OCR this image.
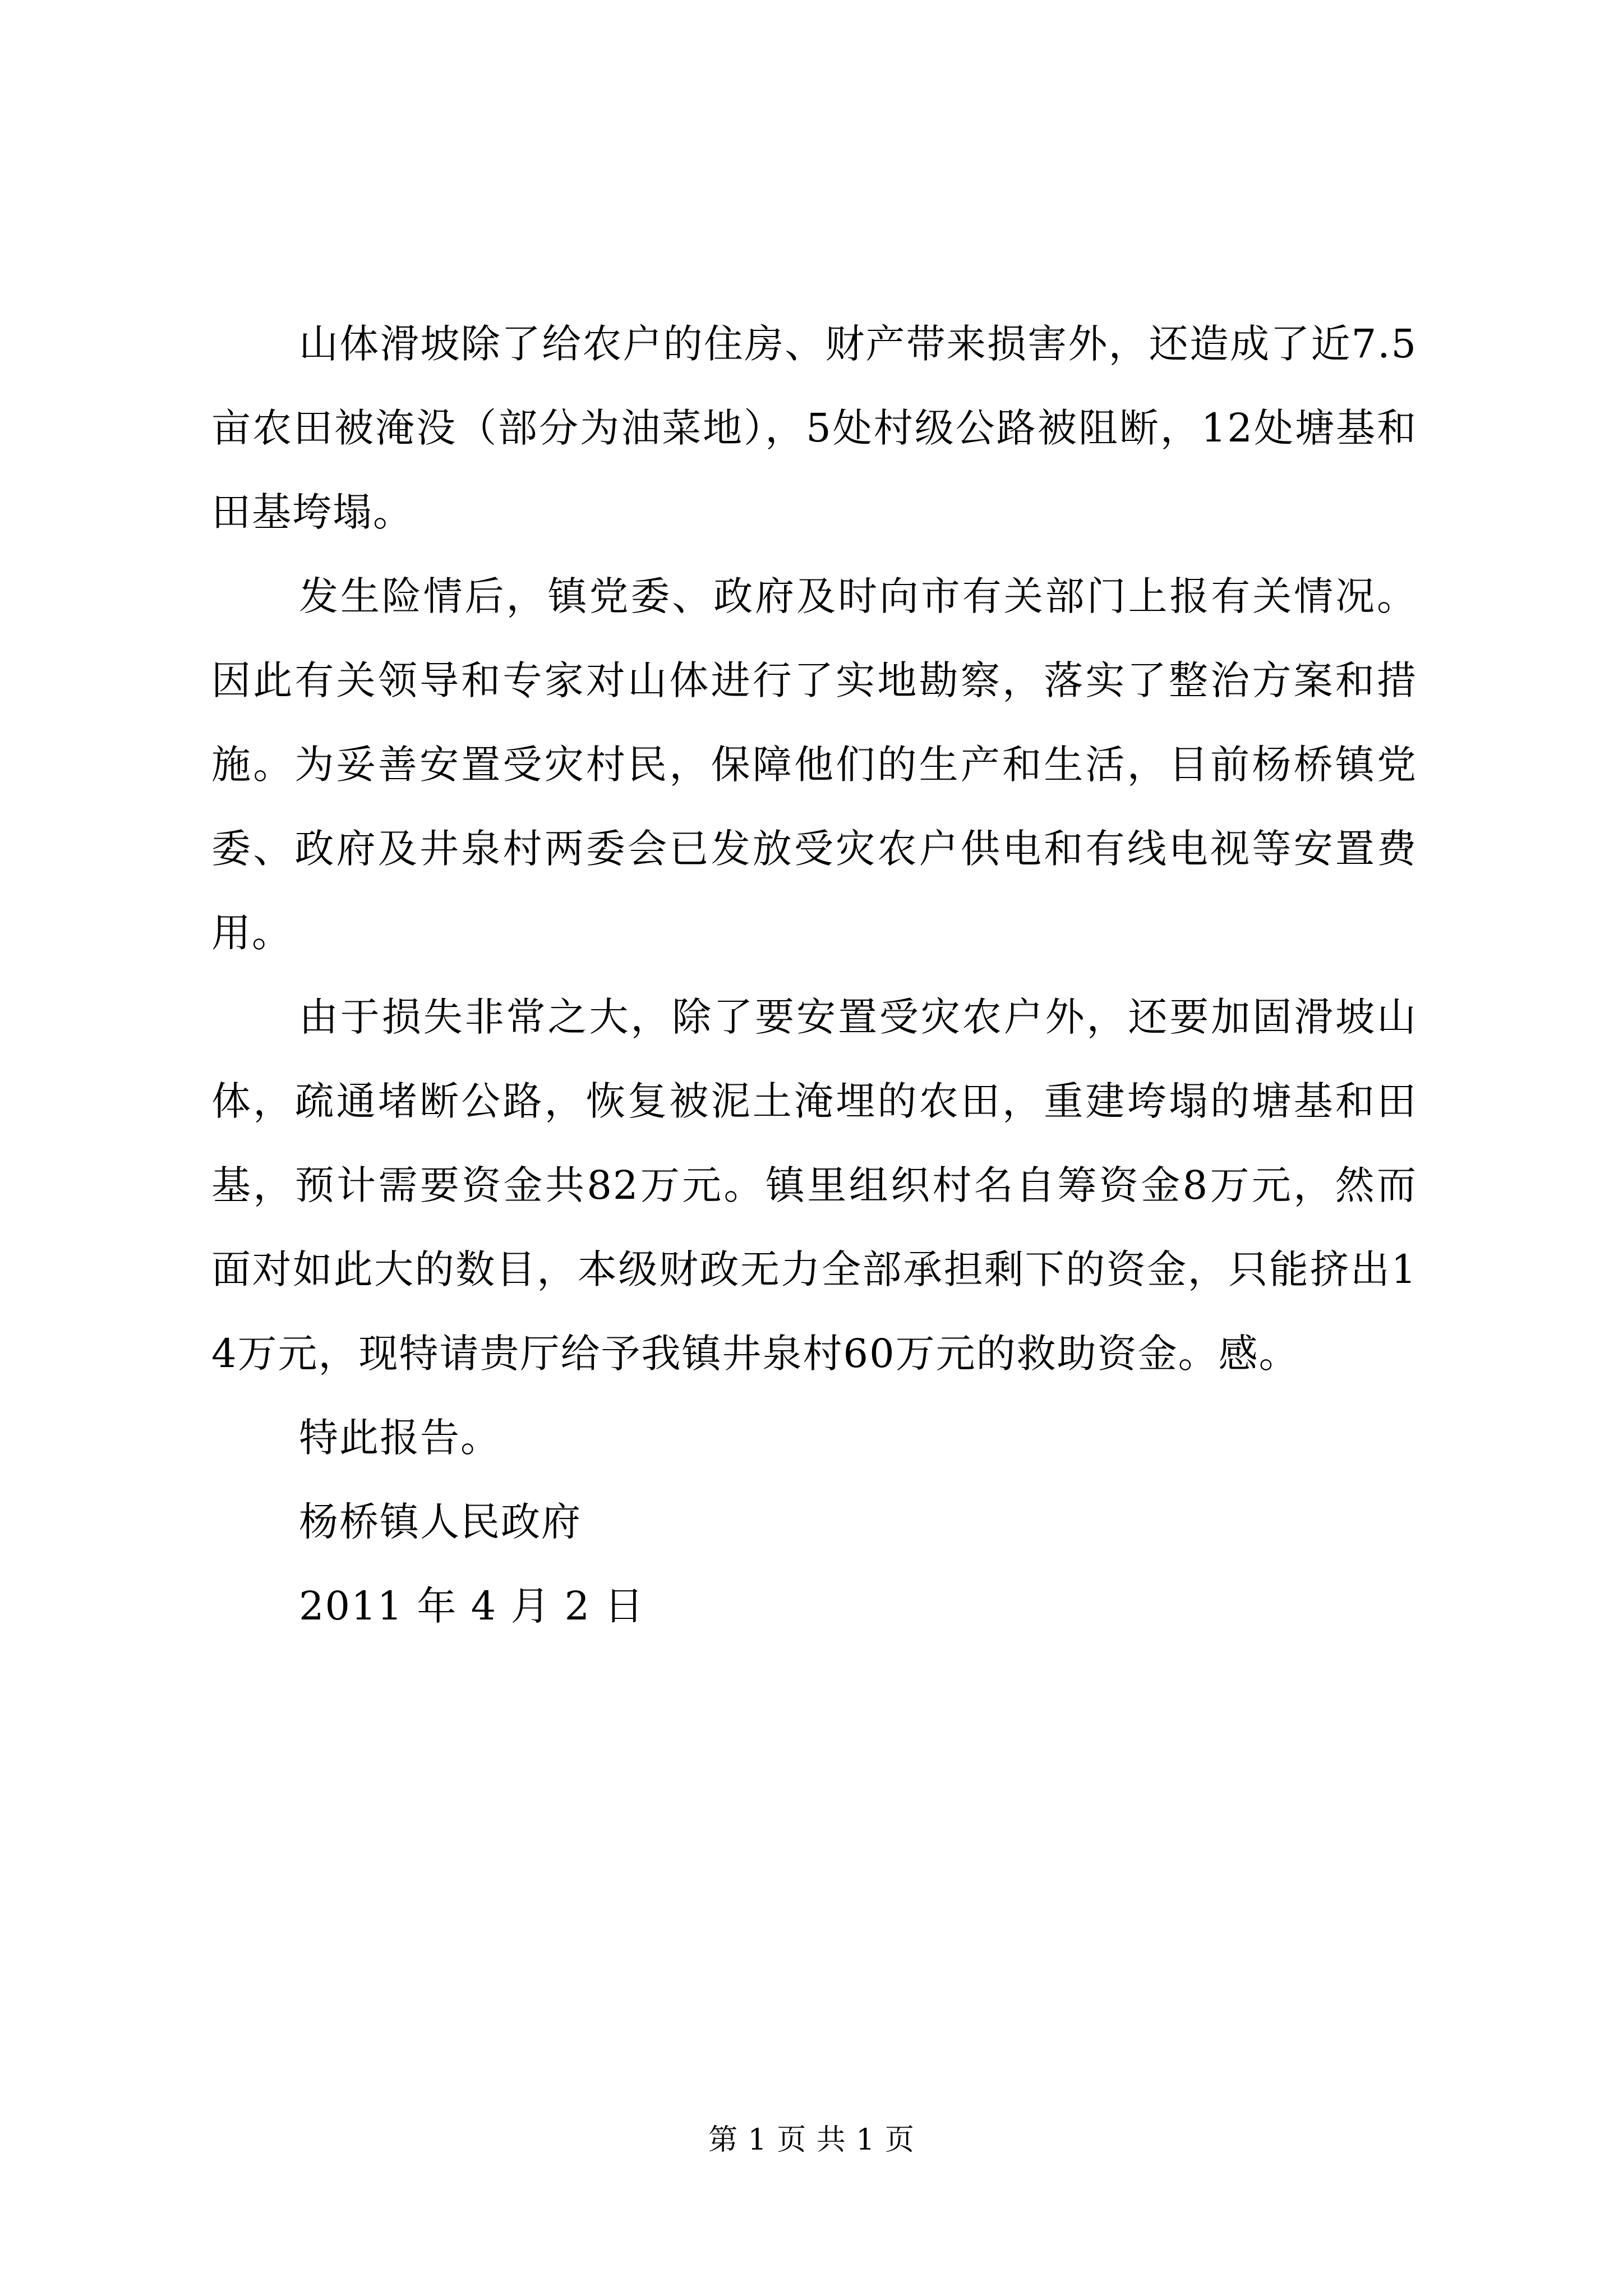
山体滑坡除了给农户的住房、财产带来损害外，还造成了近7.5亩农田被淹没（部分为油菜地），5处村级公路被阻断，12处塘基和田基垮塌。

发生险情后，镇党委、政府及时向市有关部门上报有关情况。因此有关领导和专家对山体进行了实地勘察，落实了整治方案和措施。为妥善安置受灾村民，保障他们的生产和生活，目前杨桥镇党委、政府及井泉村两委会已发放受灾农户供电和有线电视等安置费用。

由于损失非常之大，除了要安置受灾农户外，还要加固滑坡山体，疏通堵断公路，恢复被泥土淹埋的农田，重建垮塌的塘基和田基，预计需要资金共82万元。镇里组织村名自筹资金8万元，然而面对如此大的数目，本级财政无力全部承担剩下的资金，只能挤出14万元，现特请贵厅给予我镇井泉村60万元的救助资金。感。

特此报告。

杨桥镇人民政府

2011 年 4 月 2 日

第 1 页 共 1 页
